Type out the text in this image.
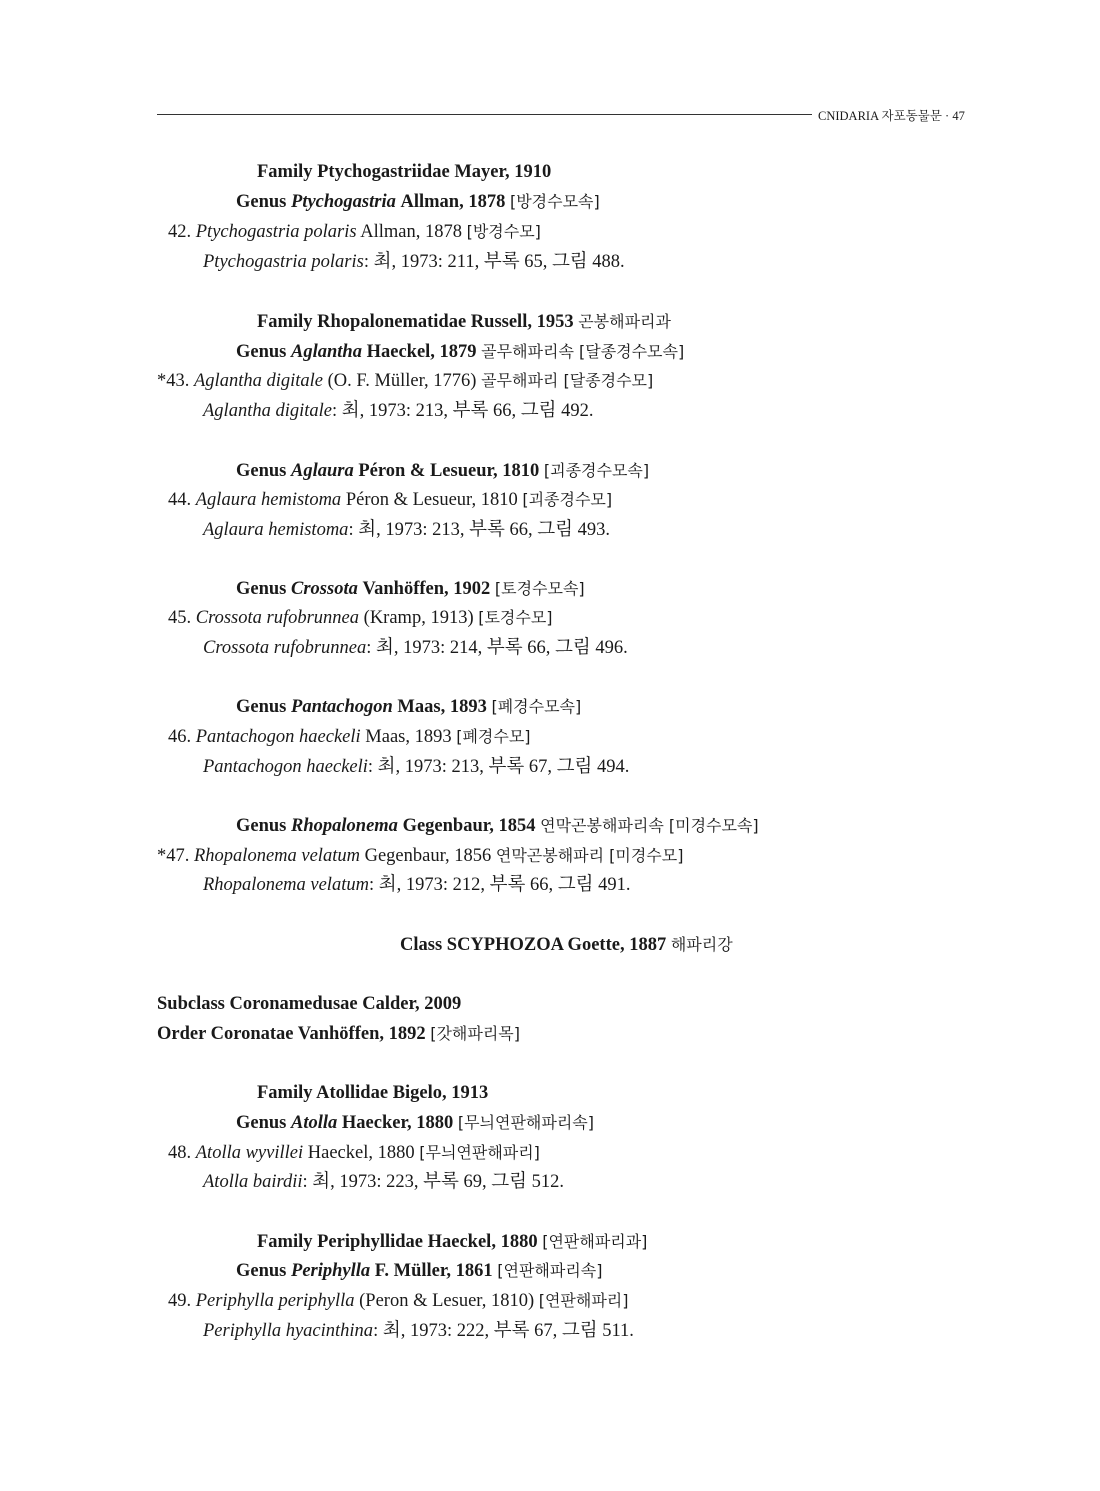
CNIDARIA 자포동물문 · 47
Family Ptychogastriidae Mayer, 1910
Genus Ptychogastria Allman, 1878 [방경수모속]
42. Ptychogastria polaris Allman, 1878 [방경수모]
Ptychogastria polaris: 최, 1973: 211, 부록 65, 그림 488.
Family Rhopalonematidae Russell, 1953 곤봉해파리과
Genus Aglantha Haeckel, 1879 골무해파리속 [달종경수모속]
*43. Aglantha digitale (O. F. Müller, 1776) 골무해파리 [달종경수모]
Aglantha digitale: 최, 1973: 213, 부록 66, 그림 492.
Genus Aglaura Péron & Lesueur, 1810 [괴종경수모속]
44. Aglaura hemistoma Péron & Lesueur, 1810 [괴종경수모]
Aglaura hemistoma: 최, 1973: 213, 부록 66, 그림 493.
Genus Crossota Vanhöffen, 1902 [토경수모속]
45. Crossota rufobrunnea (Kramp, 1913) [토경수모]
Crossota rufobrunnea: 최, 1973: 214, 부록 66, 그림 496.
Genus Pantachogon Maas, 1893 [폐경수모속]
46. Pantachogon haeckeli Maas, 1893 [폐경수모]
Pantachogon haeckeli: 최, 1973: 213, 부록 67, 그림 494.
Genus Rhopalonema Gegenbaur, 1854 연막곤봉해파리속 [미경수모속]
*47. Rhopalonema velatum Gegenbaur, 1856 연막곤봉해파리 [미경수모]
Rhopalonema velatum: 최, 1973: 212, 부록 66, 그림 491.
Class SCYPHOZOA Goette, 1887 해파리강
Subclass Coronamedusae Calder, 2009
Order Coronatae Vanhöffen, 1892 [갓해파리목]
Family Atollidae Bigelo, 1913
Genus Atolla Haecker, 1880 [무늬연판해파리속]
48. Atolla wyvillei Haeckel, 1880 [무늬연판해파리]
Atolla bairdii: 최, 1973: 223, 부록 69, 그림 512.
Family Periphyllidae Haeckel, 1880 [연판해파리과]
Genus Periphylla F. Müller, 1861 [연판해파리속]
49. Periphylla periphylla (Peron & Lesuer, 1810) [연판해파리]
Periphylla hyacinthina: 최, 1973: 222, 부록 67, 그림 511.
